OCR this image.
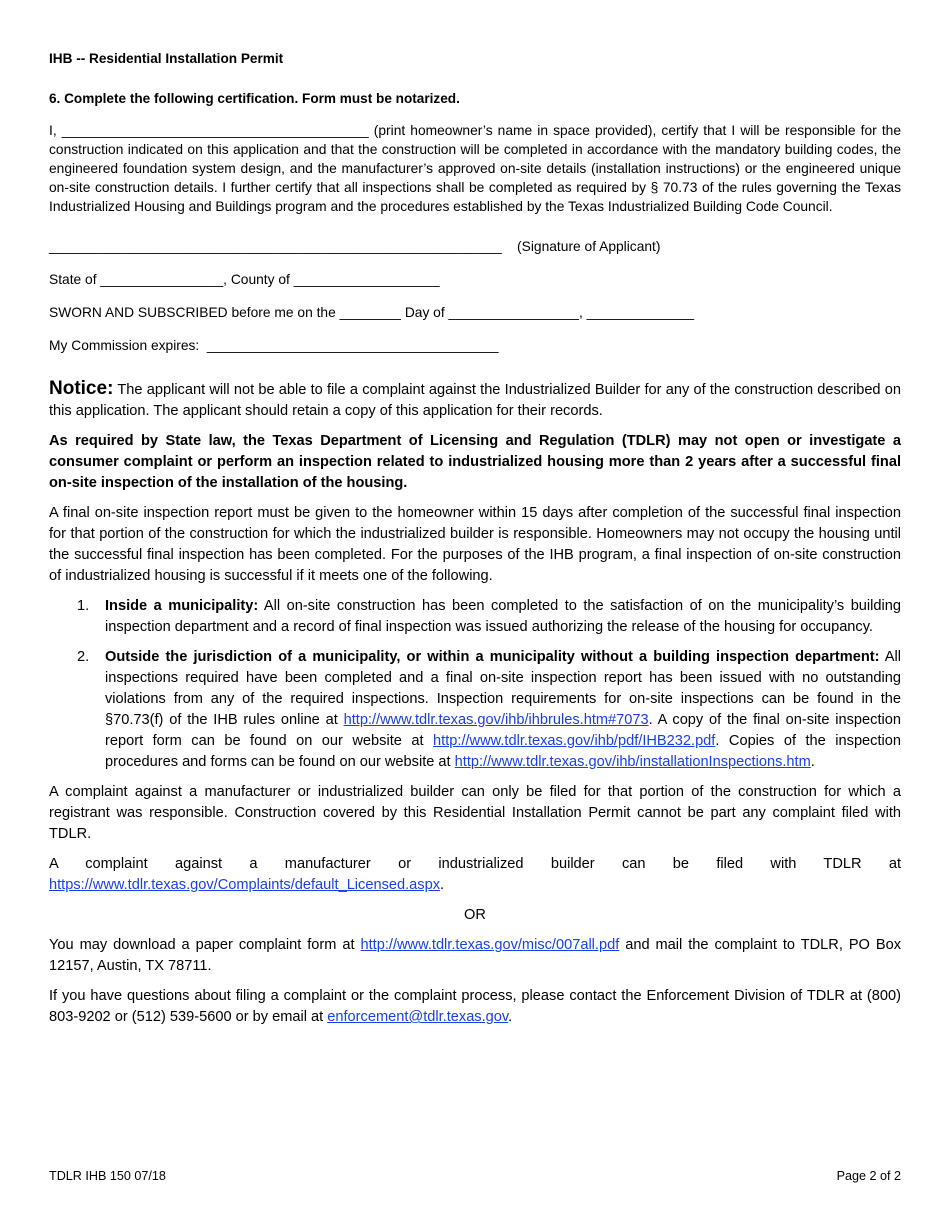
IHB -- Residential Installation Permit
6. Complete the following certification. Form must be notarized.

I, ________________________________________ (print homeowner’s name in space provided), certify that I will be responsible for the construction indicated on this application and that the construction will be completed in accordance with the mandatory building codes, the engineered foundation system design, and the manufacturer’s approved on-site details (installation instructions) or the engineered unique on-site construction details. I further certify that all inspections shall be completed as required by § 70.73 of the rules governing the Texas Industrialized Housing and Buildings program and the procedures established by the Texas Industrialized Building Code Council.

___________________________________________________________    (Signature of Applicant)
State of ________________, County of ___________________
SWORN AND SUBSCRIBED before me on the ________ Day of _________________, ______________
My Commission expires:  ______________________________________

Notice: The applicant will not be able to file a complaint against the Industrialized Builder for any of the construction described on this application. The applicant should retain a copy of this application for their records.

As required by State law, the Texas Department of Licensing and Regulation (TDLR) may not open or investigate a consumer complaint or perform an inspection related to industrialized housing more than 2 years after a successful final on-site inspection of the installation of the housing.

A final on-site inspection report must be given to the homeowner within 15 days after completion of the successful final inspection for that portion of the construction for which the industrialized builder is responsible. Homeowners may not occupy the housing until the successful final inspection has been completed. For the purposes of the IHB program, a final inspection of on-site construction of industrialized housing is successful if it meets one of the following.

1. Inside a municipality: All on-site construction has been completed to the satisfaction of on the municipality’s building inspection department and a record of final inspection was issued authorizing the release of the housing for occupancy.
2. Outside the jurisdiction of a municipality, or within a municipality without a building inspection department: All inspections required have been completed and a final on-site inspection report has been issued with no outstanding violations from any of the required inspections. Inspection requirements for on-site inspections can be found in the §70.73(f) of the IHB rules online at http://www.tdlr.texas.gov/ihb/ihbrules.htm#7073. A copy of the final on-site inspection report form can be found on our website at http://www.tdlr.texas.gov/ihb/pdf/IHB232.pdf. Copies of the inspection procedures and forms can be found on our website at http://www.tdlr.texas.gov/ihb/installationInspections.htm.

A complaint against a manufacturer or industrialized builder can only be filed for that portion of the construction for which a registrant was responsible. Construction covered by this Residential Installation Permit cannot be part any complaint filed with TDLR.

A complaint against a manufacturer or industrialized builder can be filed with TDLR at https://www.tdlr.texas.gov/Complaints/default_Licensed.aspx.

OR

You may download a paper complaint form at http://www.tdlr.texas.gov/misc/007all.pdf and mail the complaint to TDLR, PO Box 12157, Austin, TX 78711.

If you have questions about filing a complaint or the complaint process, please contact the Enforcement Division of TDLR at (800) 803-9202 or (512) 539-5600 or by email at enforcement@tdlr.texas.gov.

TDLR IHB 150 07/18	Page 2 of 2
